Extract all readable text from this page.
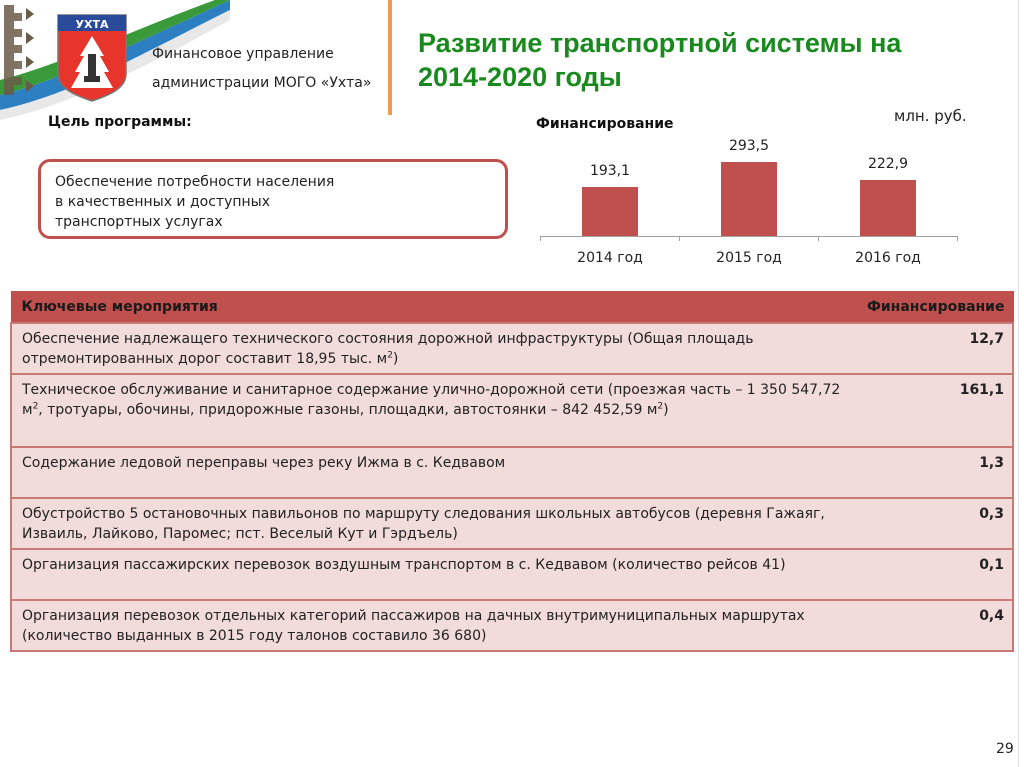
УХТА
Финансовое управление
администрации МОГО «Ухта»
Развитие транспортной системы на
2014-2020 годы
млн. руб.
Цель программы:
Обеспечение потребности населения
в качественных и доступных
транспортных услугах
Финансирование
193,1
2014 год
293,5
2015 год
222,9
2016 год
Ключевые мероприятия	Финансирование
Обеспечение надлежащего технического состояния дорожной инфраструктуры (Общая площадь отремонтированных дорог составит 18,95 тыс. $м^2$)	12,7
Техническое обслуживание и санитарное содержание улично-дорожной сети (проезжая часть – 1 350 547,72 $м^2$, тротуары, обочины, придорожные газоны, площадки, автостоянки – 842 452,59 $м^2$)	161,1
Содержание ледовой переправы через реку Ижма в с. Кедвавом	1,3
Обустройство 5 остановочных павильонов по маршруту следования школьных автобусов (деревня Гажаяг, Изваиль, Лайково, Паромес; пст. Веселый Кут и Гэрдъель)	0,3
Организация пассажирских перевозок воздушным транспортом в с. Кедвавом (количество рейсов 41)	0,1
Организация перевозок отдельных категорий пассажиров на дачных внутримуниципальных маршрутах (количество выданных в 2015 году талонов составило 36 680)	0,4
29
